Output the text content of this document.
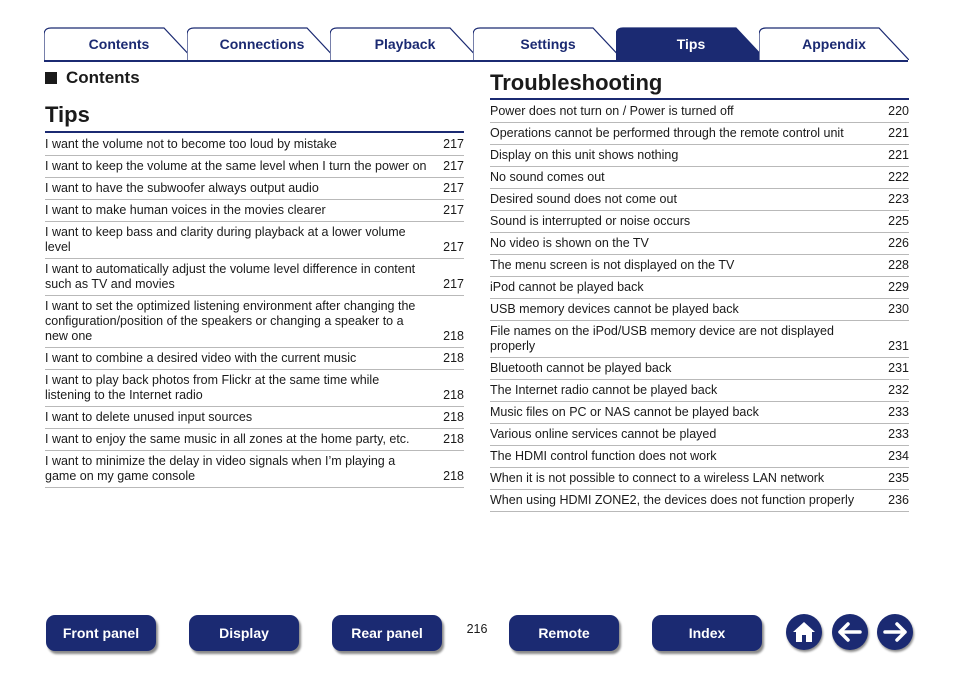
Contents	Connections	Playback	Settings	Tips	Appendix
Contents
Tips
I want the volume not to become too loud by mistake	217
I want to keep the volume at the same level when I turn the power on	217
I want to have the subwoofer always output audio	217
I want to make human voices in the movies clearer	217
I want to keep bass and clarity during playback at a lower volume level	217
I want to automatically adjust the volume level difference in content such as TV and movies	217
I want to set the optimized listening environment after changing the configuration/position of the speakers or changing a speaker to a new one	218
I want to combine a desired video with the current music	218
I want to play back photos from Flickr at the same time while listening to the Internet radio	218
I want to delete unused input sources	218
I want to enjoy the same music in all zones at the home party, etc.	218
I want to minimize the delay in video signals when I’m playing a game on my game console	218
Troubleshooting
Power does not turn on / Power is turned off	220
Operations cannot be performed through the remote control unit	221
Display on this unit shows nothing	221
No sound comes out	222
Desired sound does not come out	223
Sound is interrupted or noise occurs	225
No video is shown on the TV	226
The menu screen is not displayed on the TV	228
iPod cannot be played back	229
USB memory devices cannot be played back	230
File names on the iPod/USB memory device are not displayed properly	231
Bluetooth cannot be played back	231
The Internet radio cannot be played back	232
Music files on PC or NAS cannot be played back	233
Various online services cannot be played	233
The HDMI control function does not work	234
When it is not possible to connect to a wireless LAN network	235
When using HDMI ZONE2, the devices does not function properly	236
Front panel	Display	Rear panel	216	Remote	Index
